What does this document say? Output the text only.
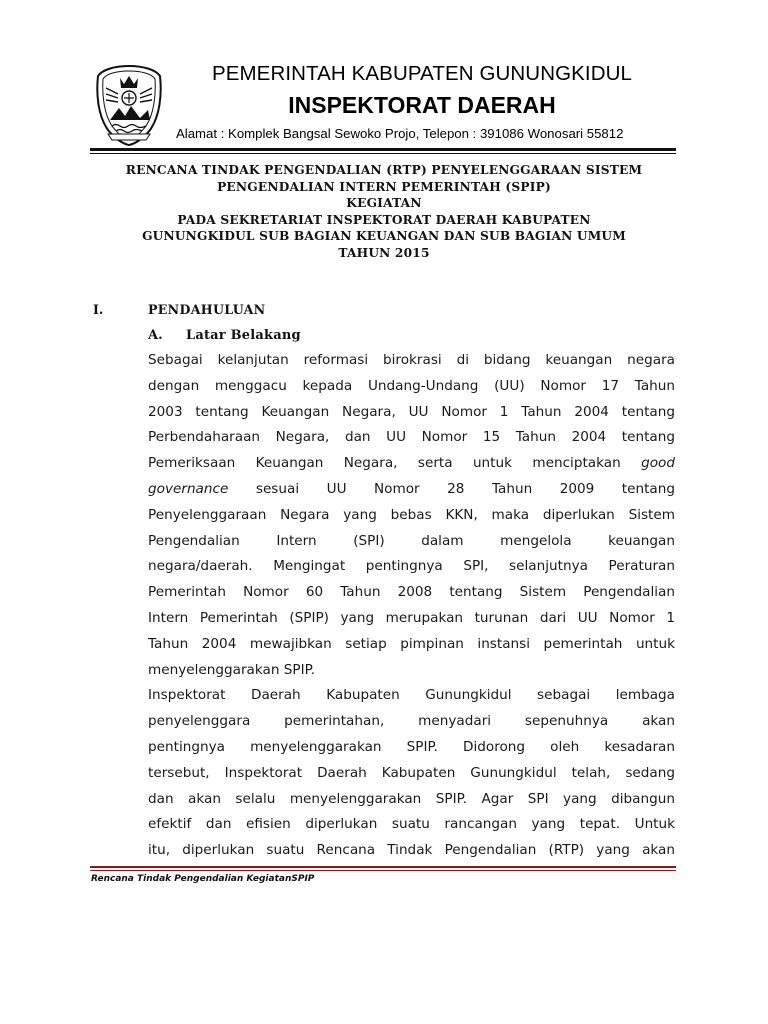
PEMERINTAH KABUPATEN GUNUNGKIDUL
INSPEKTORAT DAERAH
Alamat : Komplek Bangsal Sewoko Projo, Telepon : 391086 Wonosari 55812
RENCANA TINDAK PENGENDALIAN (RTP) PENYELENGGARAAN SISTEM
PENGENDALIAN INTERN PEMERINTAH (SPIP)
KEGIATAN
PADA SEKRETARIAT INSPEKTORAT DAERAH KABUPATEN
GUNUNGKIDUL SUB BAGIAN KEUANGAN DAN SUB BAGIAN UMUM
TAHUN 2015
I.	PENDAHULUAN
A. Latar Belakang
Sebagai kelanjutan reformasi birokrasi di bidang keuangan negara
dengan menggacu kepada Undang-Undang (UU) Nomor 17 Tahun
2003 tentang Keuangan Negara, UU Nomor 1 Tahun 2004 tentang
Perbendaharaan Negara, dan UU Nomor 15 Tahun 2004 tentang
Pemeriksaan Keuangan Negara, serta untuk menciptakan good
governance sesuai UU Nomor 28 Tahun 2009 tentang
Penyelenggaraan Negara yang bebas KKN, maka diperlukan Sistem
Pengendalian Intern (SPI) dalam mengelola keuangan
negara/daerah. Mengingat pentingnya SPI, selanjutnya Peraturan
Pemerintah Nomor 60 Tahun 2008 tentang Sistem Pengendalian
Intern Pemerintah (SPIP) yang merupakan turunan dari UU Nomor 1
Tahun 2004 mewajibkan setiap pimpinan instansi pemerintah untuk
menyelenggarakan SPIP.
Inspektorat Daerah Kabupaten Gunungkidul sebagai lembaga
penyelenggara pemerintahan, menyadari sepenuhnya akan
pentingnya menyelenggarakan SPIP. Didorong oleh kesadaran
tersebut, Inspektorat Daerah Kabupaten Gunungkidul telah, sedang
dan akan selalu menyelenggarakan SPIP. Agar SPI yang dibangun
efektif dan efisien diperlukan suatu rancangan yang tepat. Untuk
itu, diperlukan suatu Rencana Tindak Pengendalian (RTP) yang akan
Rencana Tindak Pengendalian KegiatanSPIP
